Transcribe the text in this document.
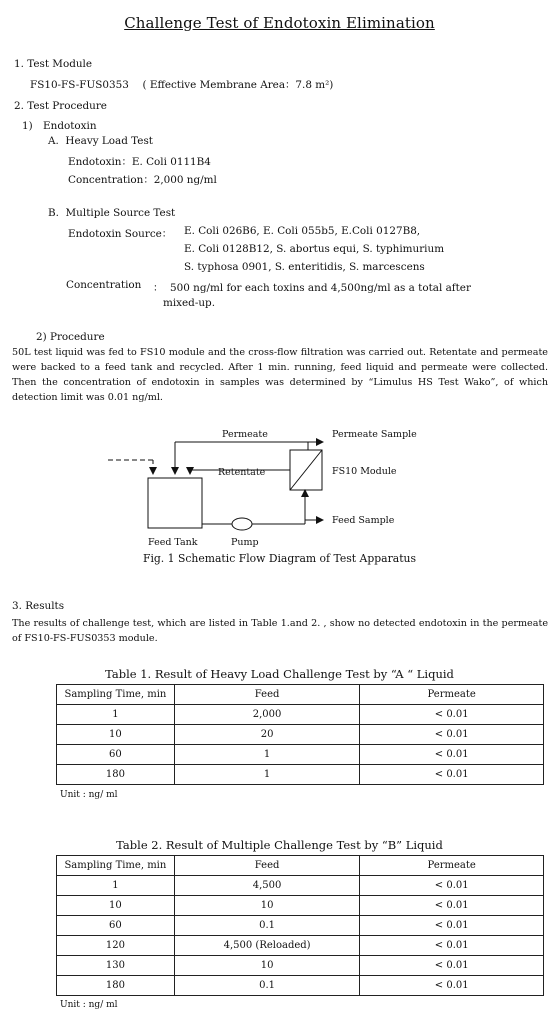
Challenge Test of Endotoxin Elimination
1. Test Module
FS10-FS-FUS0353 　( Effective Membrane Area：7.8 m²)
2. Test Procedure
1)　Endotoxin
A.  Heavy Load Test
Endotoxin：E. Coli 0111B4
Concentration：2,000 ng/ml
B.  Multiple Source Test
Endotoxin Source： E. Coli 026B6, E. Coli 055b5, E.Coli 0127B8,
E. Coli 0128B12, S. abortus equi, S. typhimurium
S. typhosa 0901, S. enteritidis, S. marcescens
Concentration ：  500 ng/ml for each toxins and 4,500ng/ml as a total after
mixed-up.
2) Procedure
50L test liquid was fed to FS10 module and the cross-flow filtration was carried out. Retentate and permeate were backed to a feed tank and recycled. After 1 min. running, feed liquid and permeate were collected. Then the concentration of endotoxin in samples was determined by “Limulus HS Test Wako”, of which detection limit was 0.01 ng/ml.
Permeate	Permeate Sample
Retentate	FS10 Module
Feed Sample
Feed Tank	Pump
Fig. 1 Schematic Flow Diagram of Test Apparatus
3. Results
The results of challenge test, which are listed in Table 1.and 2. , show no detected endotoxin in the permeate of FS10-FS-FUS0353 module.
Table 1. Result of Heavy Load Challenge Test by “A “ Liquid
Sampling Time, min	Feed	Permeate
1	2,000	< 0.01
10	20	< 0.01
60	1	< 0.01
180	1	< 0.01
Unit : ng/ ml
Table 2. Result of Multiple Challenge Test by “B” Liquid
Sampling Time, min	Feed	Permeate
1	4,500	< 0.01
10	10	< 0.01
60	0.1	< 0.01
120	4,500 (Reloaded)	< 0.01
130	10	< 0.01
180	0.1	< 0.01
Unit : ng/ ml
